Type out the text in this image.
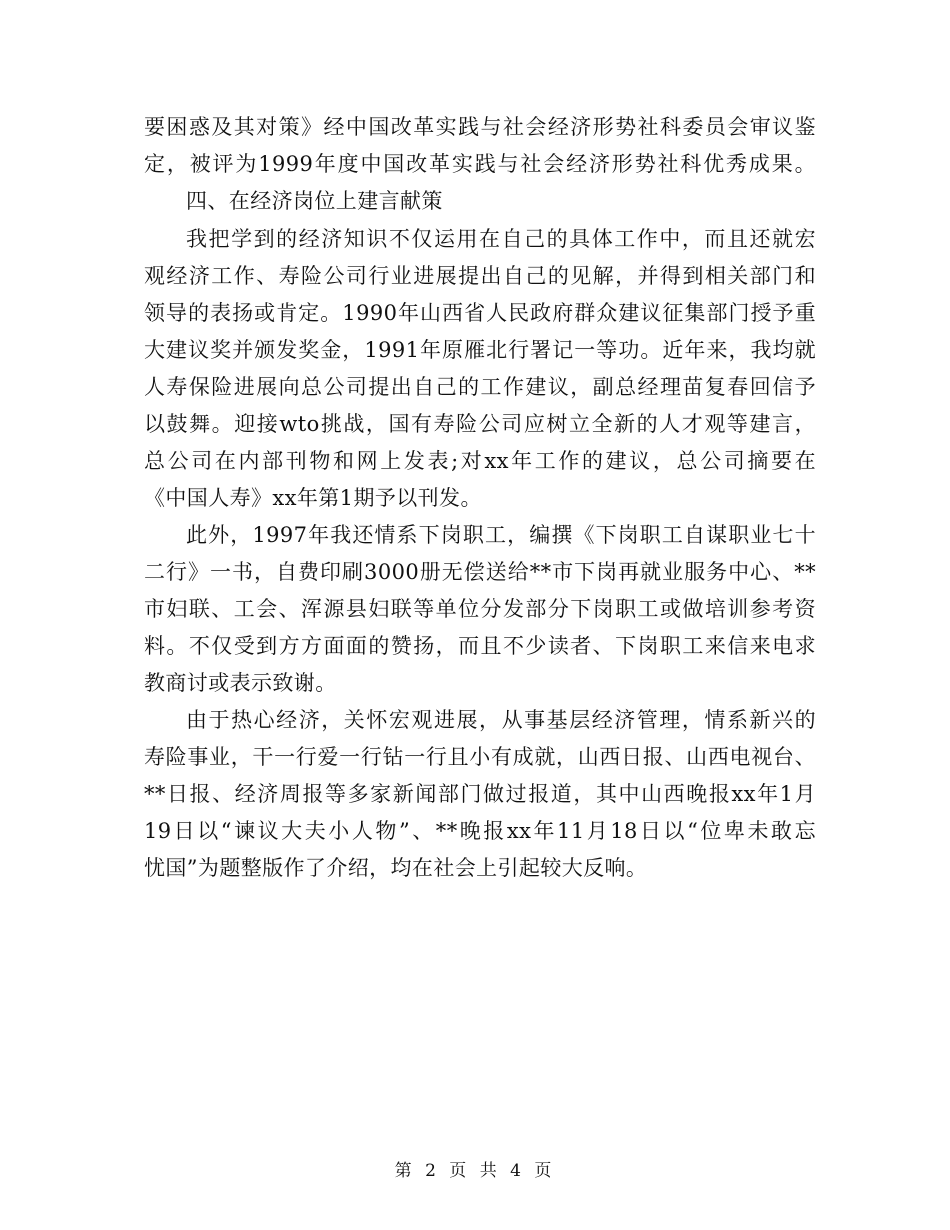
要困惑及其对策》经中国改革实践与社会经济形势社科委员会审议鉴
定，被评为1999年度中国改革实践与社会经济形势社科优秀成果。
四、在经济岗位上建言献策
我把学到的经济知识不仅运用在自己的具体工作中，而且还就宏
观经济工作、寿险公司行业进展提出自己的见解，并得到相关部门和
领导的表扬或肯定。1990年山西省人民政府群众建议征集部门授予重
大建议奖并颁发奖金，1991年原雁北行署记一等功。近年来，我均就
人寿保险进展向总公司提出自己的工作建议，副总经理苗复春回信予
以鼓舞。迎接wto挑战，国有寿险公司应树立全新的人才观等建言，
总公司在内部刊物和网上发表;对xx年工作的建议，总公司摘要在
《中国人寿》xx年第1期予以刊发。
此外，1997年我还情系下岗职工，编撰《下岗职工自谋职业七十
二行》一书，自费印刷3000册无偿送给**市下岗再就业服务中心、**
市妇联、工会、浑源县妇联等单位分发部分下岗职工或做培训参考资
料。不仅受到方方面面的赞扬，而且不少读者、下岗职工来信来电求
教商讨或表示致谢。
由于热心经济，关怀宏观进展，从事基层经济管理，情系新兴的
寿险事业，干一行爱一行钻一行且小有成就，山西日报、山西电视台、
**日报、经济周报等多家新闻部门做过报道，其中山西晚报xx年1月
19日以“谏议大夫小人物”、**晚报xx年11月18日以“位卑未敢忘
忧国”为题整版作了介绍，均在社会上引起较大反响。
第 2 页 共 4 页
